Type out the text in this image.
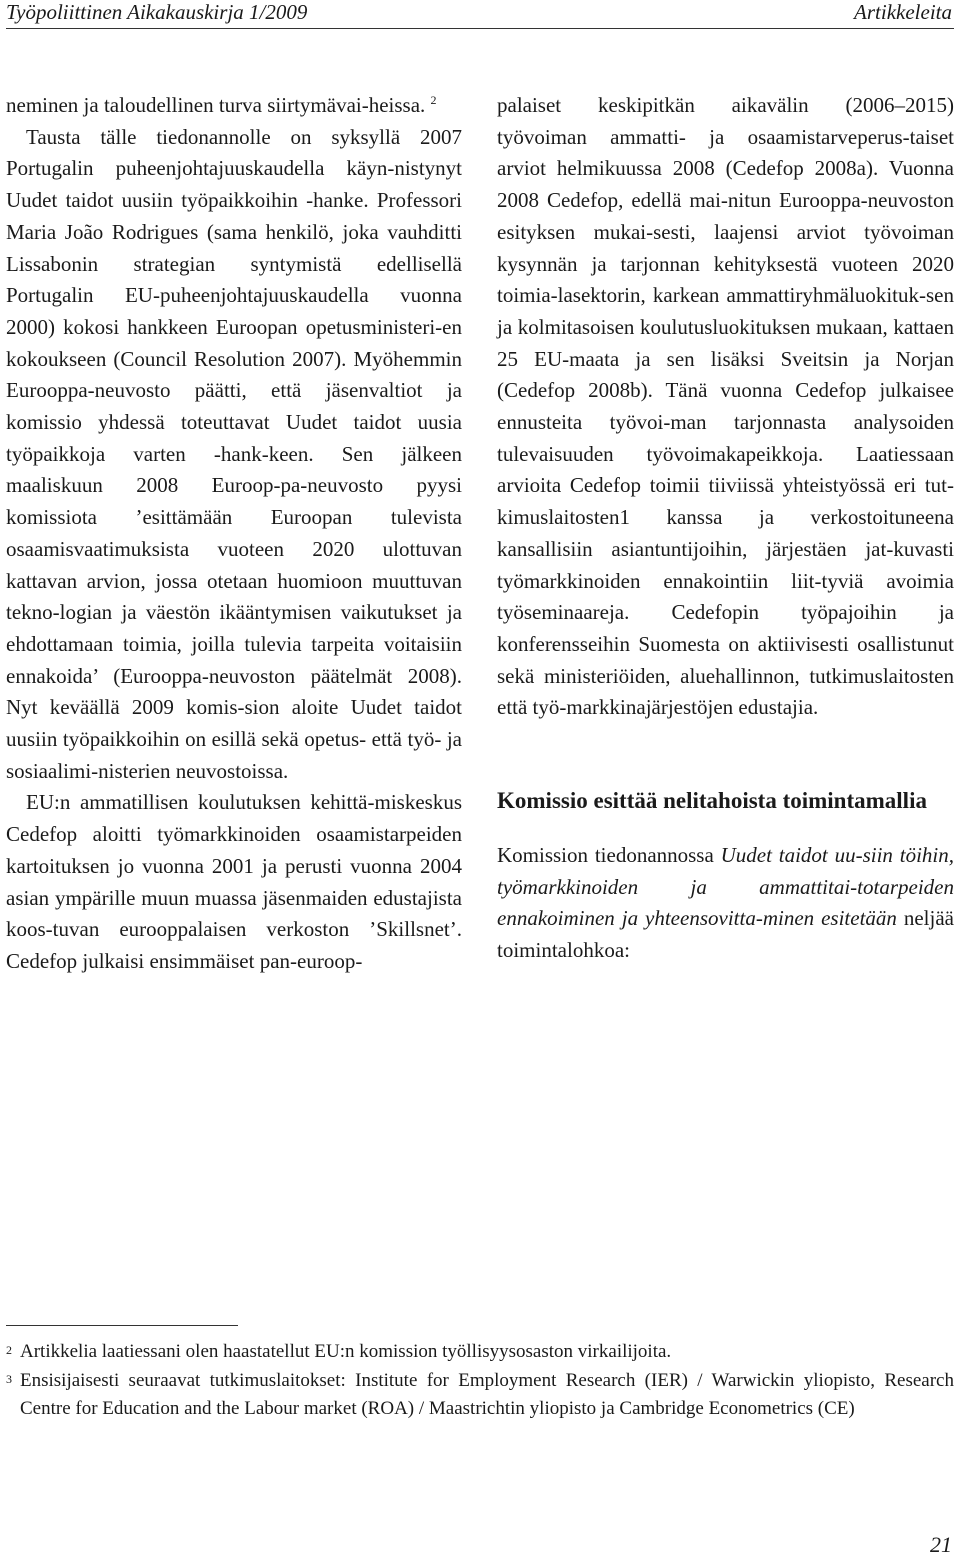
Työpoliittinen Aikakauskirja 1/2009	Artikkeleita

neminen ja taloudellinen turva siirtymävai-heissa. $^2$

Tausta tälle tiedonannolle on syksyllä 2007 Portugalin puheenjohtajuuskaudella käyn-nistynyt Uudet taidot uusiin työpaikkoihin -hanke. Professori Maria João Rodrigues (sama henkilö, joka vauhditti Lissabonin strategian syntymistä edellisellä Portugalin EU-puheenjohtajuuskaudella vuonna 2000) kokosi hankkeen Euroopan opetusministeri-en kokoukseen (Council Resolution 2007). Myöhemmin Eurooppa-neuvosto päätti, että jäsenvaltiot ja komissio yhdessä toteuttavat Uudet taidot uusia työpaikkoja varten -hank-keen. Sen jälkeen maaliskuun 2008 Euroop-pa-neuvosto pyysi komissiota ’esittämään Euroopan tulevista osaamisvaatimuksista vuoteen 2020 ulottuvan kattavan arvion, jossa otetaan huomioon muuttuvan tekno-logian ja väestön ikääntymisen vaikutukset ja ehdottamaan toimia, joilla tulevia tarpeita voitaisiin ennakoida’ (Eurooppa-neuvoston päätelmät 2008). Nyt keväällä 2009 komis-sion aloite Uudet taidot uusiin työpaikkoihin on esillä sekä opetus- että työ- ja sosiaalimi-nisterien neuvostoissa.

EU:n ammatillisen koulutuksen kehittä-miskeskus Cedefop aloitti työmarkkinoiden osaamistarpeiden kartoituksen jo vuonna 2001 ja perusti vuonna 2004 asian ympärille muun muassa jäsenmaiden edustajista koos-tuvan eurooppalaisen verkoston ’Skillsnet’. Cedefop julkaisi ensimmäiset pan-euroop-

palaiset keskipitkän aikavälin (2006–2015) työvoiman ammatti- ja osaamistarveperus-taiset arviot helmikuussa 2008 (Cedefop 2008a). Vuonna 2008 Cedefop, edellä mai-nitun Eurooppa-neuvoston esityksen mukai-sesti, laajensi arviot työvoiman kysynnän ja tarjonnan kehityksestä vuoteen 2020 toimia-lasektorin, karkean ammattiryhmäluokituk-sen ja kolmitasoisen koulutusluokituksen mukaan, kattaen 25 EU-maata ja sen lisäksi Sveitsin ja Norjan (Cedefop 2008b). Tänä vuonna Cedefop julkaisee ennusteita työvoi-man tarjonnasta analysoiden tulevaisuuden työvoimakapeikkoja. Laatiessaan arvioita Cedefop toimii tiiviissä yhteistyössä eri tut-kimuslaitosten1 kanssa ja verkostoituneena kansallisiin asiantuntijoihin, järjestäen jat-kuvasti työmarkkinoiden ennakointiin liit-tyviä avoimia työseminaareja. Cedefopin työpajoihin ja konferensseihin Suomesta on aktiivisesti osallistunut sekä ministeriöiden, aluehallinnon, tutkimuslaitosten että työ-markkinajärjestöjen edustajia.

Komissio esittää nelitahoista toimintamallia

Komission tiedonannossa Uudet taidot uu-siin töihin, työmarkkinoiden ja ammattitai-totarpeiden ennakoiminen ja yhteensovitta-minen esitetään neljää toimintalohkoa:

2 Artikkelia laatiessani olen haastatellut EU:n komission työllisyysosaston virkailijoita.
3 Ensisijaisesti seuraavat tutkimuslaitokset: Institute for Employment Research (IER) / Warwickin yliopisto, Research Centre for Education and the Labour market (ROA) / Maastrichtin yliopisto ja Cambridge Econometrics (CE)
21
